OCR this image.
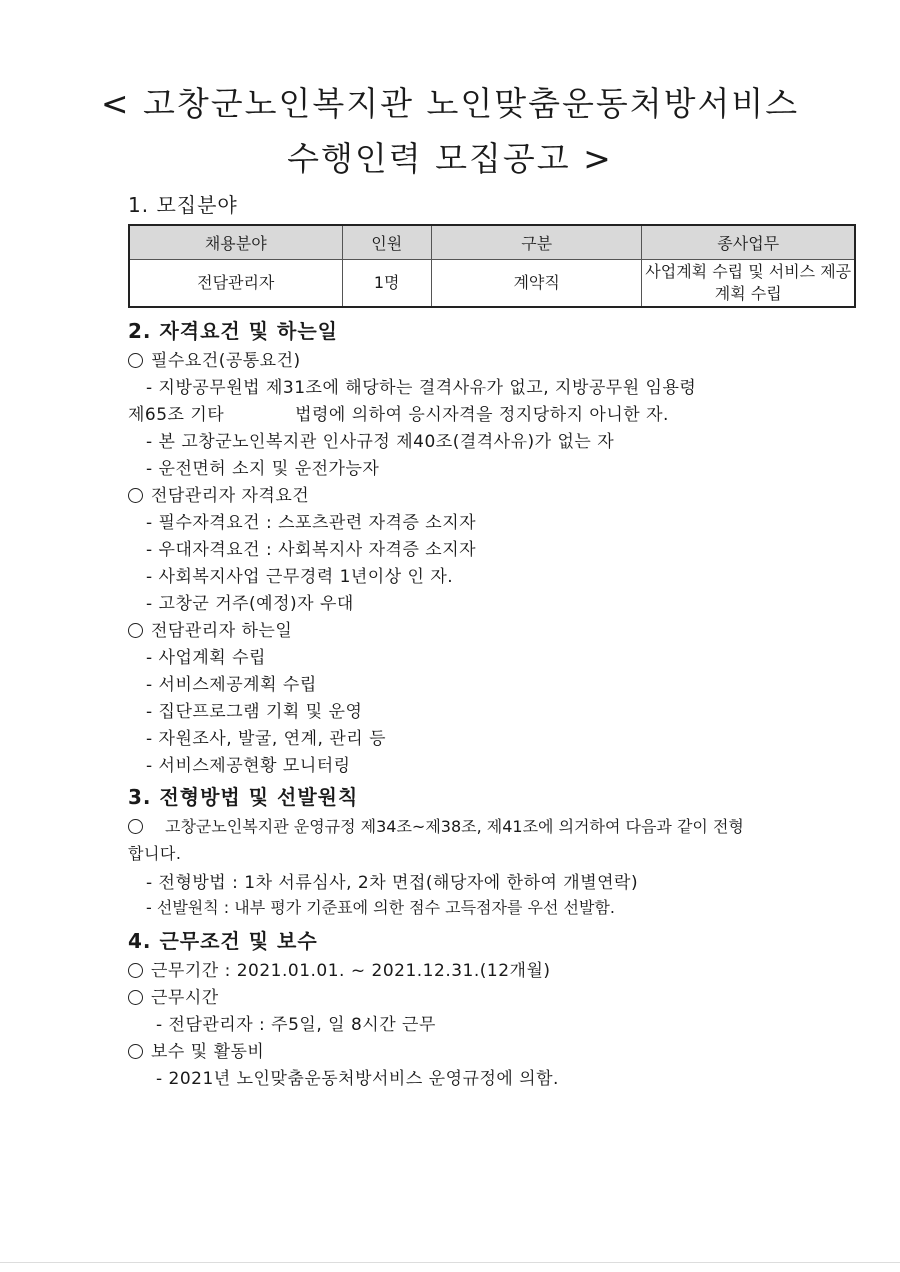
< 고창군노인복지관 노인맞춤운동처방서비스
수행인력 모집공고 >
1. 모집분야
채용분야	인원	구분	종사업무
전담관리자	1명	계약직	사업계획 수립 및 서비스 제공계획 수립
2. 자격요건 및 하는일
필수요건(공통요건)
- 지방공무원법 제31조에 해당하는 결격사유가 없고, 지방공무원 임용령
제65조 기타            법령에 의하여 응시자격을 정지당하지 아니한 자.
- 본 고창군노인복지관 인사규정 제40조(결격사유)가 없는 자
- 운전면허 소지 및 운전가능자
전담관리자 자격요건
- 필수자격요건 : 스포츠관련 자격증 소지자
- 우대자격요건 : 사회복지사 자격증 소지자
- 사회복지사업 근무경력 1년이상 인 자.
- 고창군 거주(예정)자 우대
전담관리자 하는일
- 사업계획 수립
- 서비스제공계획 수립
- 집단프로그램 기획 및 운영
- 자원조사, 발굴, 연계, 관리 등
- 서비스제공현황 모니터링
3. 전형방법 및 선발원칙
고창군노인복지관 운영규정 제34조~제38조, 제41조에 의거하여 다음과 같이 전형
합니다.
- 전형방법 : 1차 서류심사, 2차 면접(해당자에 한하여 개별연락)
- 선발원칙 : 내부 평가 기준표에 의한 점수 고득점자를 우선 선발함.
4. 근무조건 및 보수
근무기간 : 2021.01.01. ~ 2021.12.31.(12개월)
근무시간
- 전담관리자 : 주5일, 일 8시간 근무
보수 및 활동비
- 2021년 노인맞춤운동처방서비스 운영규정에 의함.
